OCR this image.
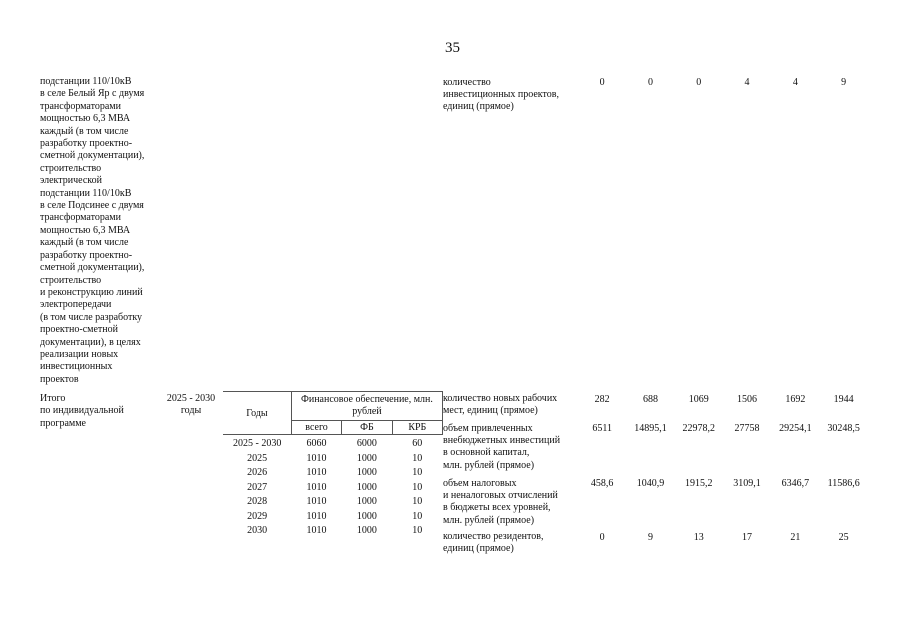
35
подстанции 110/10кВ
в селе Белый Яр с двумя
трансформаторами
мощностью 6,3 МВА
каждый (в том числе
разработку проектно-
сметной документации),
строительство
электрической
подстанции 110/10кВ
в селе Подсинее с двумя
трансформаторами
мощностью 6,3 МВА
каждый (в том числе
разработку проектно-
сметной документации),
строительство
и реконструкцию линий
электропередачи
(в том числе разработку
проектно-сметной
документации), в целях
реализации новых
инвестиционных
проектов
количество
инвестиционных проектов,
единиц (прямое)
0	0	0	4	4	9
Итого
по индивидуальной
программе
2025 - 2030
годы	Годы	Финансовое обеспечение, млн. рублей		
	всего	ФБ	КРБ
2025 - 2030	6060	6000	60
2025	1010	1000	10
2026	1010	1000	10
2027	1010	1000	10
2028	1010	1000	10
2029	1010	1000	10
2030	1010	1000	10
количество новых рабочих
мест, единиц (прямое)
282	688	1069	1506	1692	1944
объем привлеченных
внебюджетных инвестиций
в основной капитал,
млн. рублей (прямое)
6511	14895,1	22978,2	27758	29254,1	30248,5
объем налоговых
и неналоговых отчислений
в бюджеты всех уровней,
млн. рублей (прямое)
458,6	1040,9	1915,2	3109,1	6346,7	11586,6
количество резидентов,
единиц (прямое)
0	9	13	17	21	25
